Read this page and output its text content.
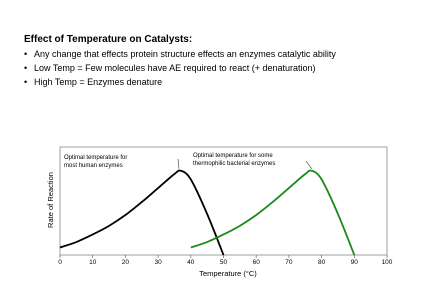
Effect of Temperature on Catalysts:
• Any change that effects protein structure effects an enzymes catalytic ability
• Low Temp = Few molecules have AE required to react (+ denaturation)
• High Temp = Enzymes denature
0	10	20	30	40	50	60	70	80	90	100
Optimal temperature for
most human enzymes
Optimal temperature for some
thermophilic bacterial enzymes
Temperature (°C)
Rate of Reaction
